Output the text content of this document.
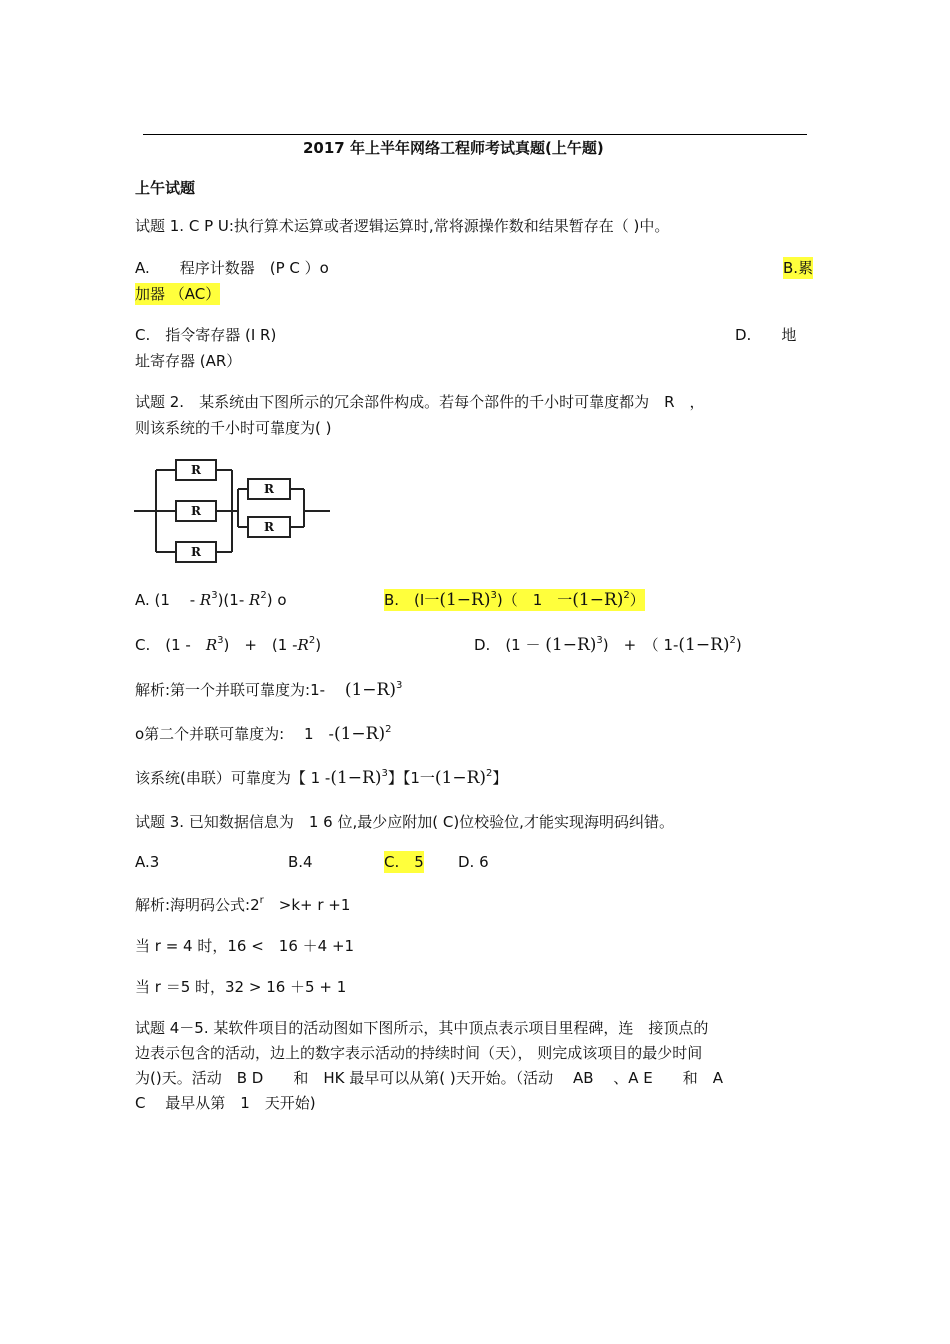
2017 年上半年网络工程师考试真题(上午题)
上午试题
试题 1. C P U:执行算术运算或者逻辑运算时,常将源操作数和结果暂存在（ )中。
A.　　程序计数器　(P C ）o	B.累
加器 （AC）
C.　指令寄存器 (I R)	D.　　地
址寄存器 (AR）
试题 2.　某系统由下图所示的冗余部件构成。若每个部件的千小时可靠度都为　R　，
则该系统的千小时可靠度为( )
R
R
R
R
R
A. (1　 - $R^3)(1-$ $R^2$) o	B.　(I一$(1-R)^3$)（　1　一$(1-R)^2$）
C.　(1 -　 $R^3$)　+　(1 $-R^2$)	D.　$(1 - (1-R)^3)$　+　（ $1-(1-R)^2$)
解析:第一个并联可靠度为:1-　 $(1-R)^3$
o第二个并联可靠度为:　 1　$-(1-R)^2$
该系统(串联）可靠度为【 1 $-(1-R)^3$】【1一$(1-R)^2$】
试题 3. 已知数据信息为　1 6 位,最少应附加( C)位校验位,才能实现海明码纠错。
A.3	B.4	C.　5 D. 6
解析:海明码公式$:2^r$　>k+ r +1
当 r = 4 时，16 <　16 ＋4 +1
当 r ＝5 时，32 > 16 ＋5 + 1
试题 4－5. 某软件项目的活动图如下图所示，其中顶点表示项目里程碑，连　接顶点的
边表示包含的活动，边上的数字表示活动的持续时间（天）， 则完成该项目的最少时间
为()天。活动　B D　　和　HK 最早可以从第( )天开始。（活动　 AB　 、A E　　和　A
C　 最早从第　1　天开始)
